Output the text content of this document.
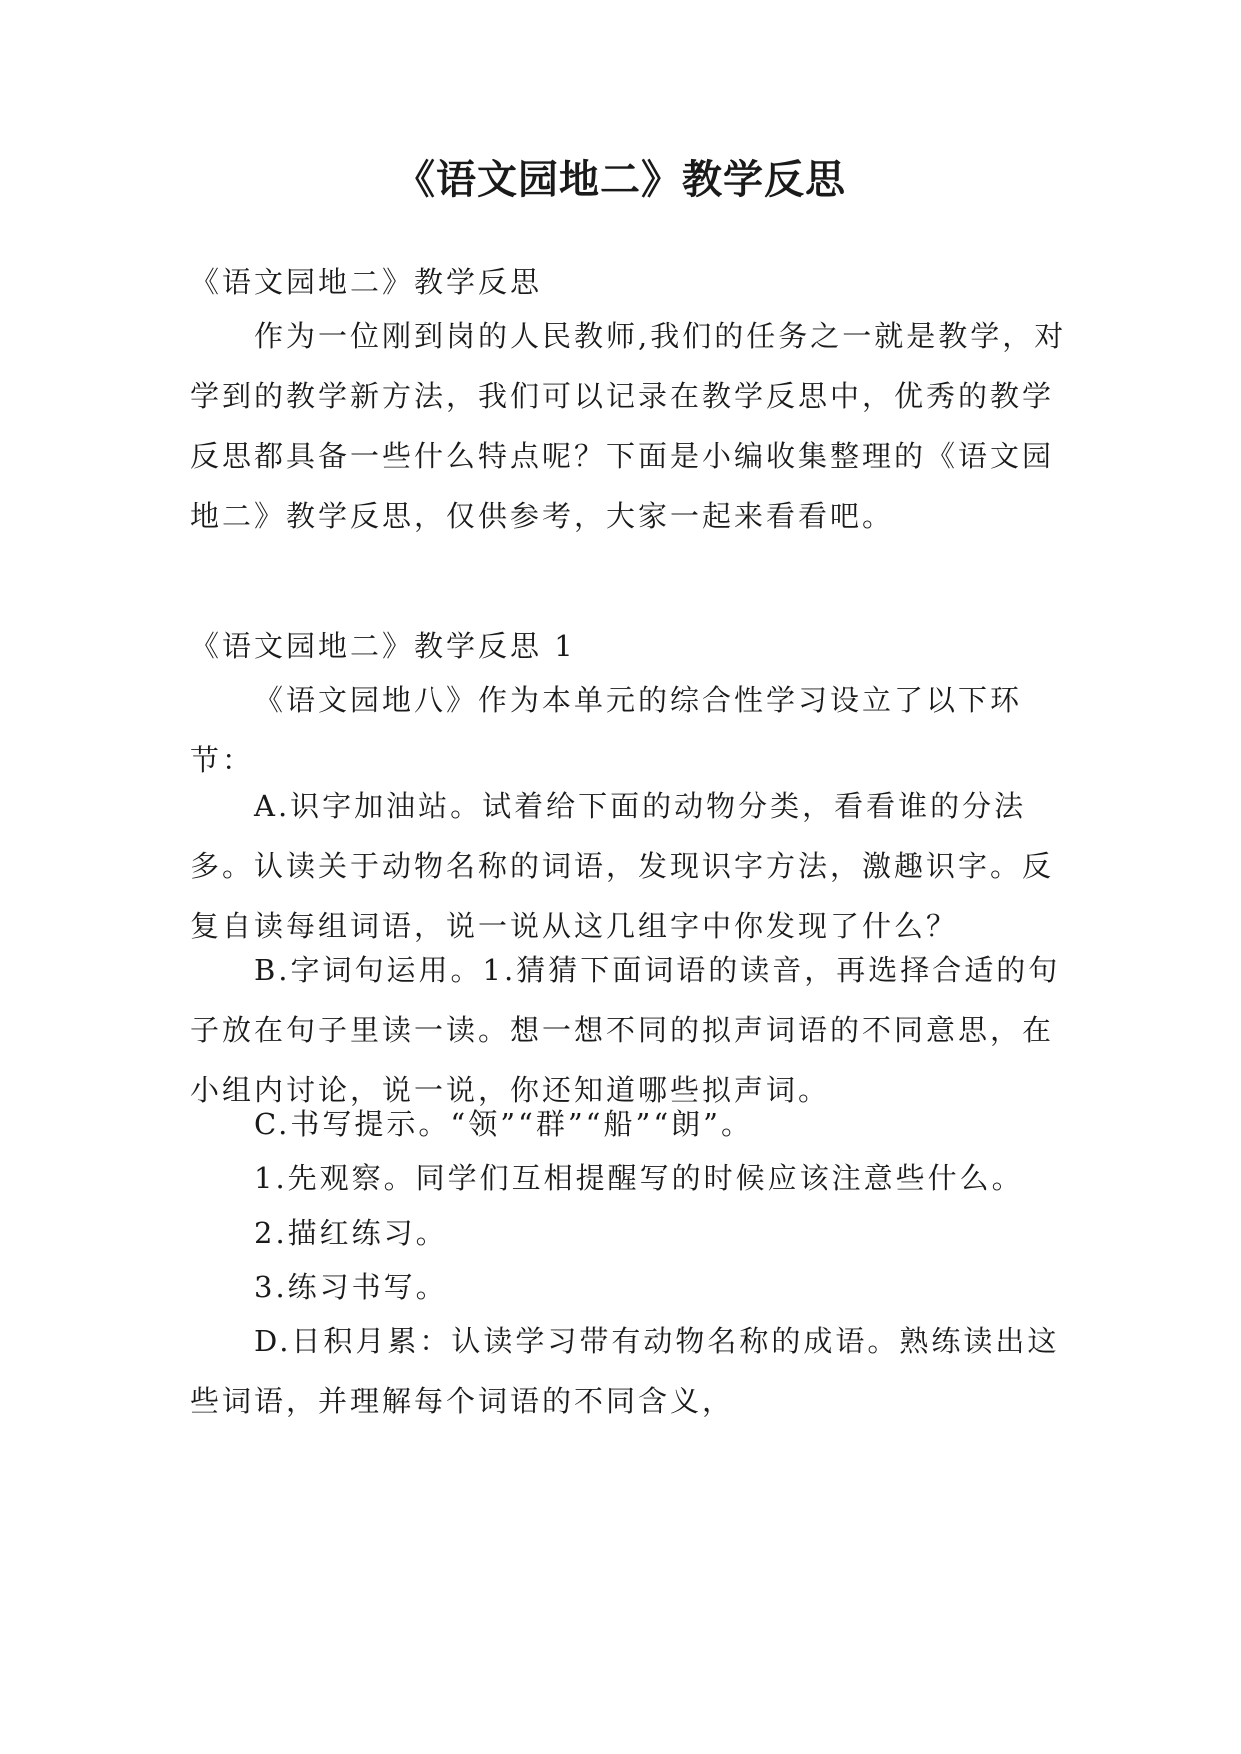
《语文园地二》教学反思

《语文园地二》教学反思

作为一位刚到岗的人民教师,我们的任务之一就是教学，对学到的教学新方法，我们可以记录在教学反思中，优秀的教学反思都具备一些什么特点呢？下面是小编收集整理的《语文园地二》教学反思，仅供参考，大家一起来看看吧。

《语文园地二》教学反思 1

《语文园地八》作为本单元的综合性学习设立了以下环节：

A.识字加油站。试着给下面的动物分类，看看谁的分法多。认读关于动物名称的词语，发现识字方法，激趣识字。反复自读每组词语，说一说从这几组字中你发现了什么？

B.字词句运用。1.猜猜下面词语的读音，再选择合适的句子放在句子里读一读。想一想不同的拟声词语的不同意思，在小组内讨论，说一说，你还知道哪些拟声词。

C.书写提示。“领”“群”“船”“朗”。

1.先观察。同学们互相提醒写的时候应该注意些什么。

2.描红练习。

3.练习书写。

D.日积月累：认读学习带有动物名称的成语。熟练读出这些词语，并理解每个词语的不同含义，
